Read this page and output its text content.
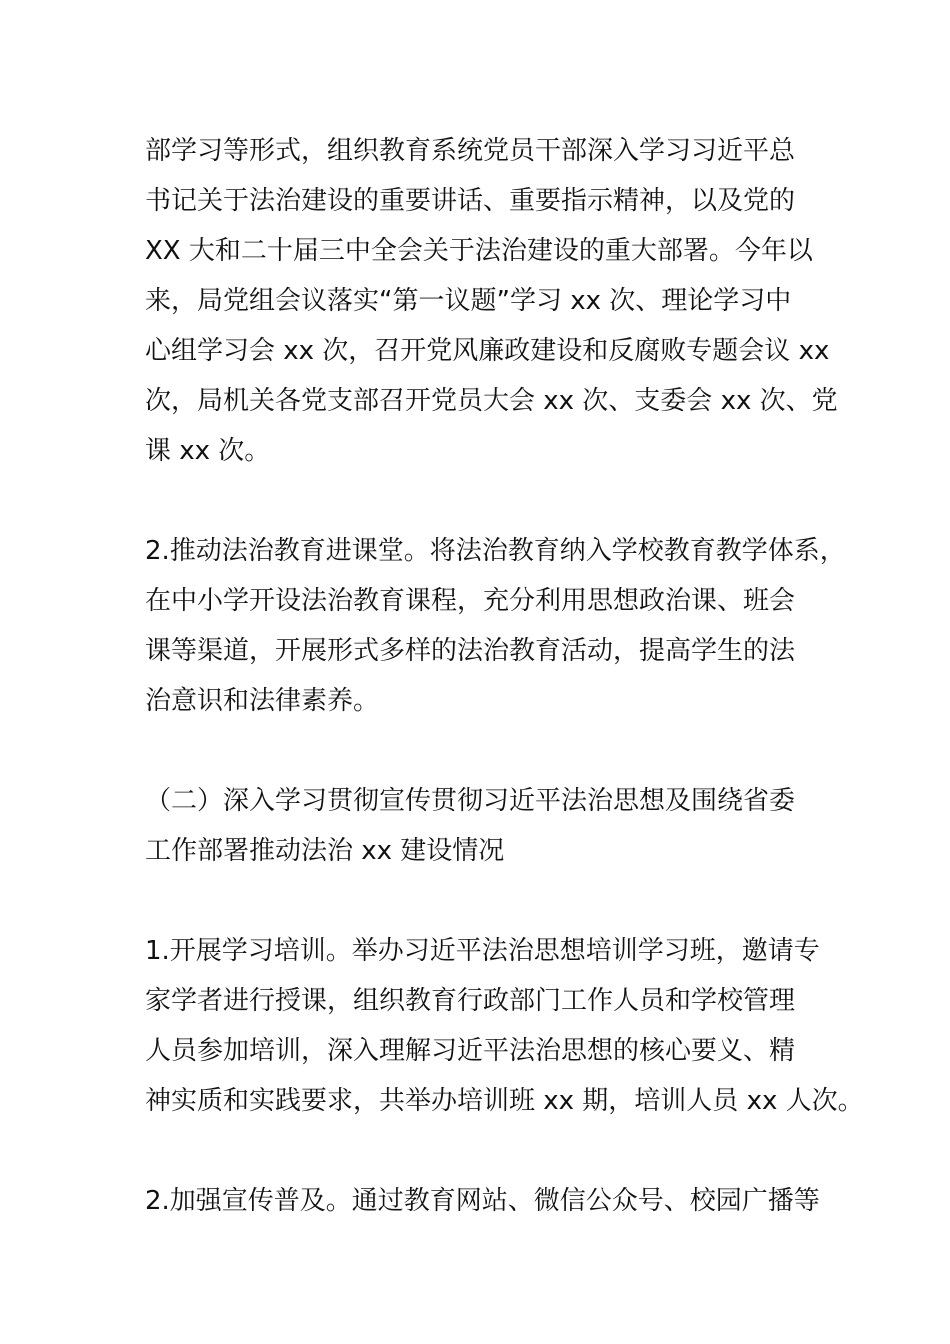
部学习等形式，组织教育系统党员干部深入学习习近平总
书记关于法治建设的重要讲话、重要指示精神，以及党的
XX 大和二十届三中全会关于法治建设的重大部署。今年以
来，局党组会议落实“第一议题”学习 xx 次、理论学习中
心组学习会 xx 次，召开党风廉政建设和反腐败专题会议 xx
次，局机关各党支部召开党员大会 xx 次、支委会 xx 次、党
课 xx 次。
2.推动法治教育进课堂。将法治教育纳入学校教育教学体系，
在中小学开设法治教育课程，充分利用思想政治课、班会
课等渠道，开展形式多样的法治教育活动，提高学生的法
治意识和法律素养。
（二）深入学习贯彻宣传贯彻习近平法治思想及围绕省委
工作部署推动法治 xx 建设情况
1.开展学习培训。举办习近平法治思想培训学习班，邀请专
家学者进行授课，组织教育行政部门工作人员和学校管理
人员参加培训，深入理解习近平法治思想的核心要义、精
神实质和实践要求，共举办培训班 xx 期，培训人员 xx 人次。
2.加强宣传普及。通过教育网站、微信公众号、校园广播等
